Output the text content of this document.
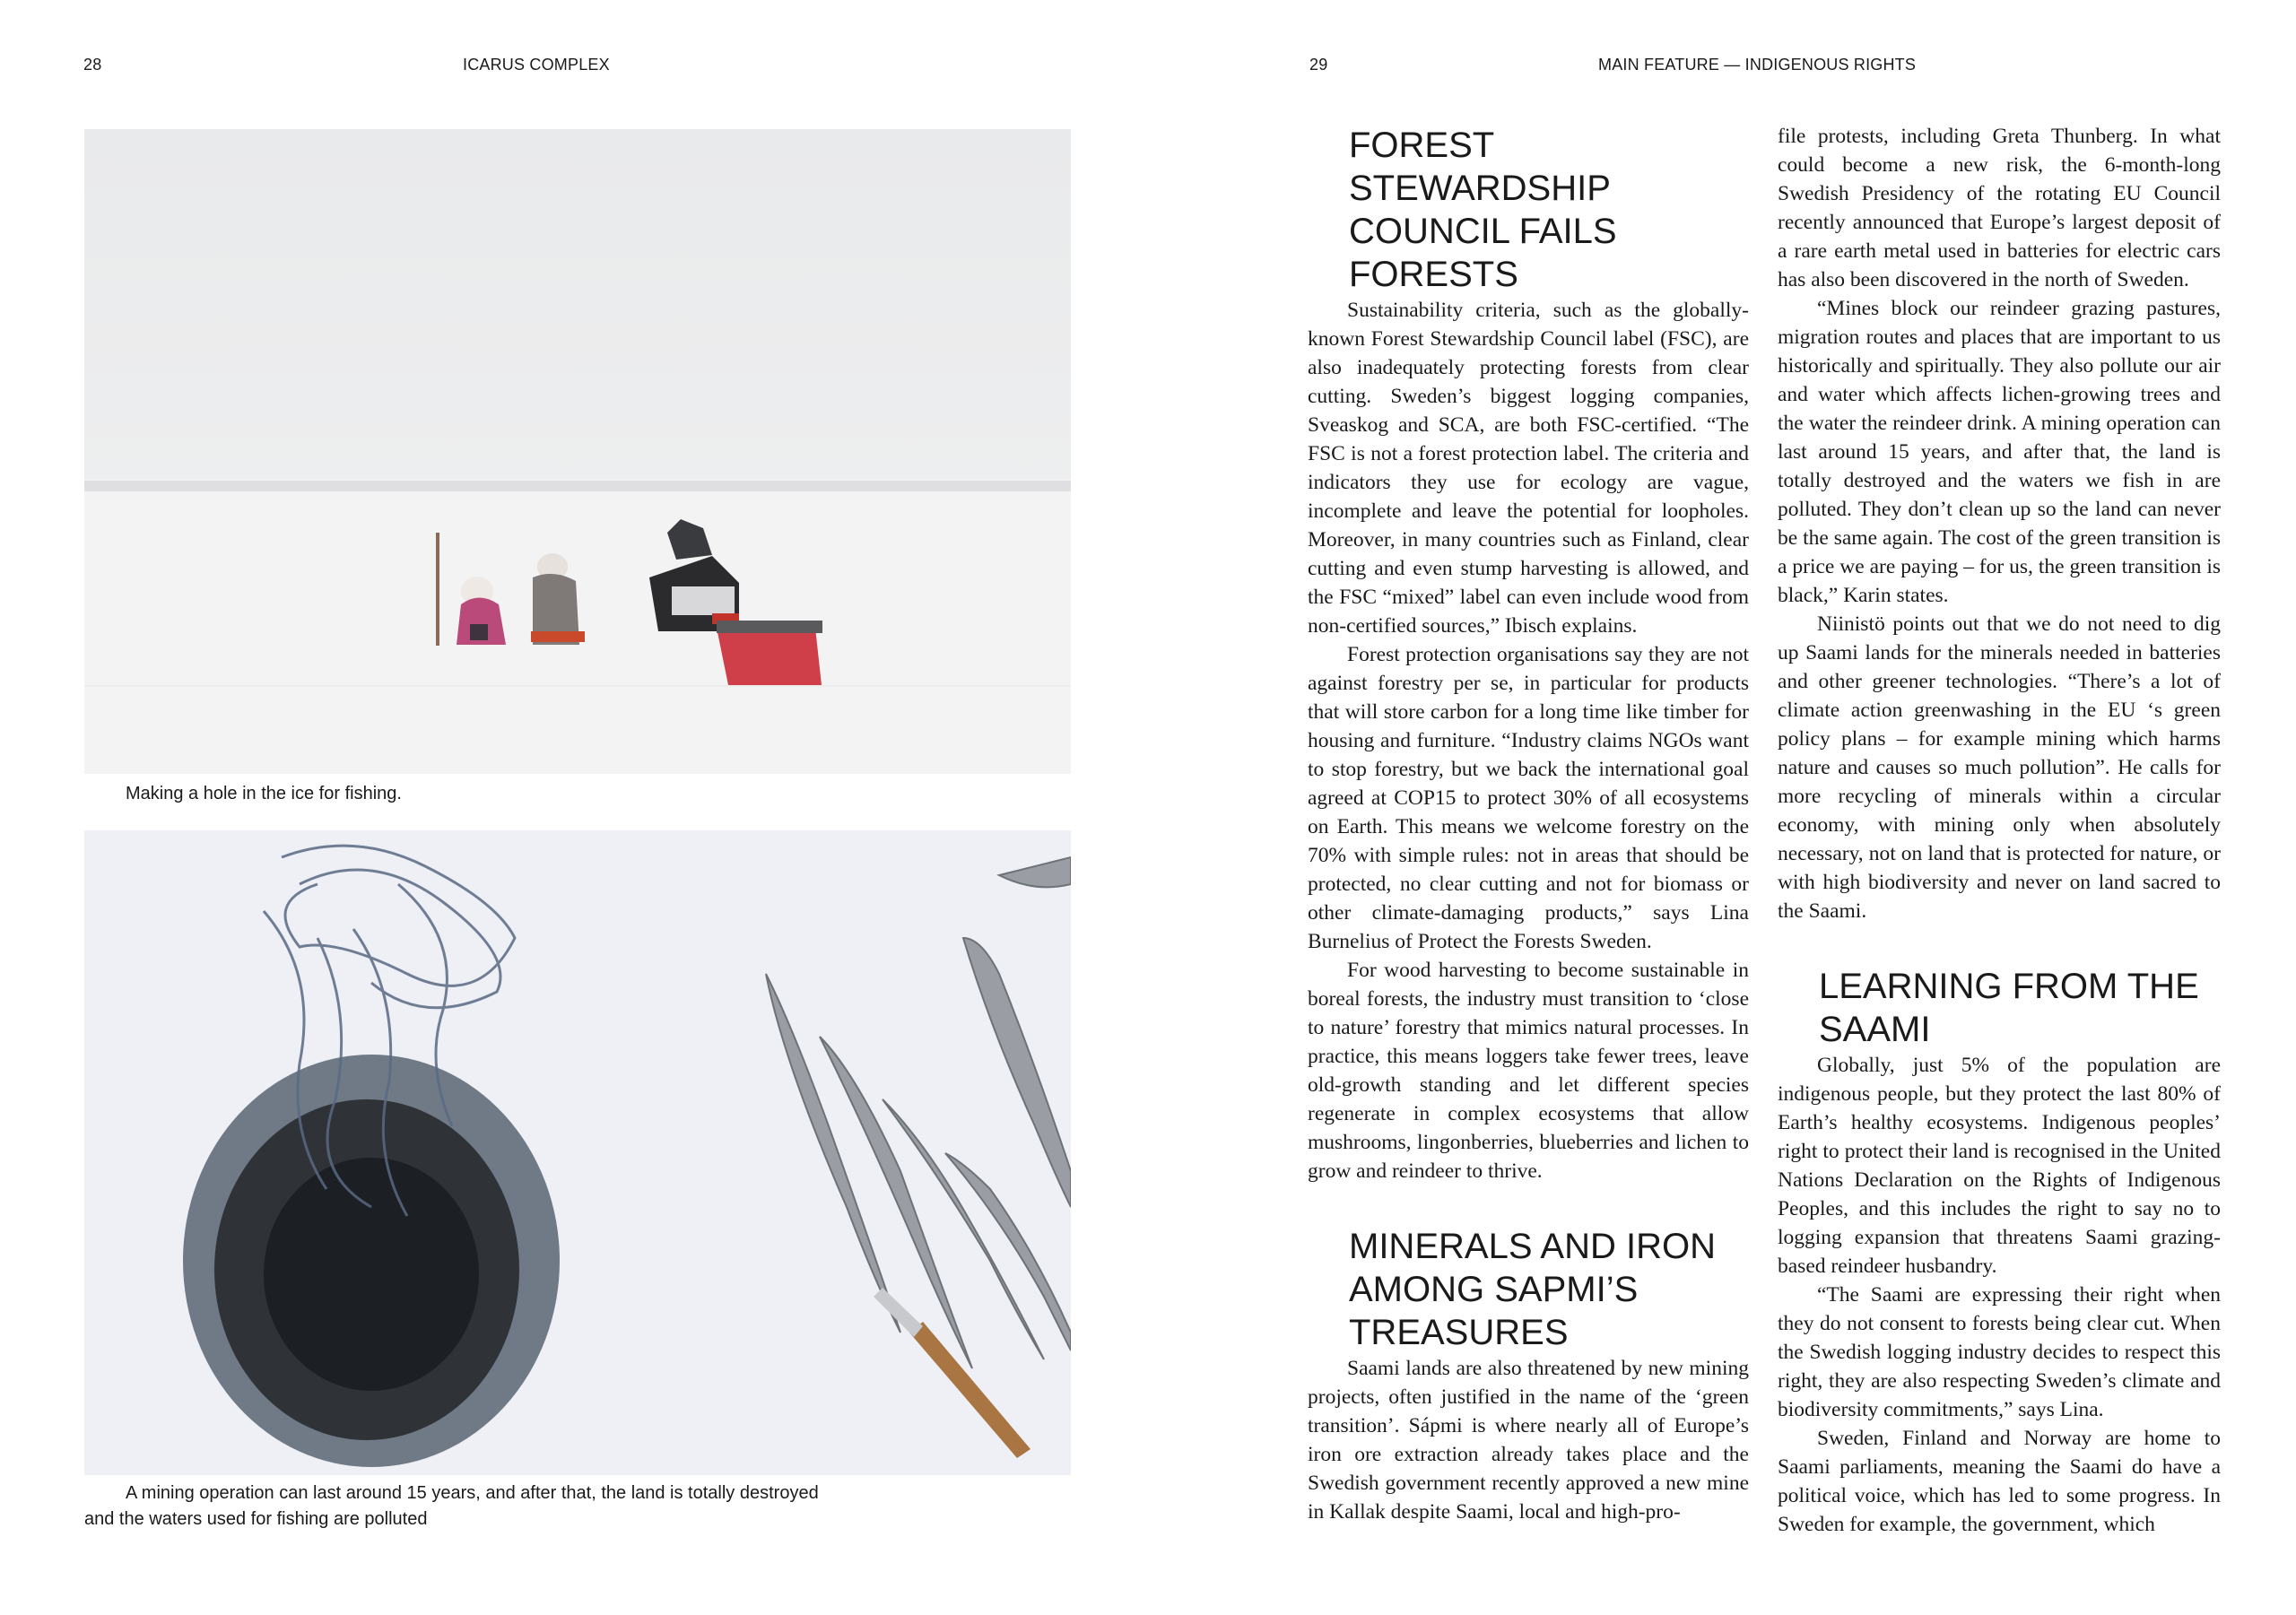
28	ICARUS COMPLEX
Making a hole in the ice for fishing.
A mining operation can last around 15 years, and after that, the land is totally destroyed
and the waters used for fishing are polluted
29	MAIN FEATURE — INDIGENOUS RIGHTS
FOREST STEWARDSHIP COUNCIL FAILS FORESTS

Sustainability criteria, such as the globally-known Forest Stewardship Council label (FSC), are also inadequately protecting forests from clear cutting. Sweden’s biggest logging companies, Sveaskog and SCA, are both FSC-certified. “The FSC is not a forest protection label. The criteria and indicators they use for ecology are vague, incomplete and leave the potential for loopholes. Moreover, in many countries such as Finland, clear cutting and even stump harvesting is allowed, and the FSC “mixed” label can even include wood from non-certified sources,” Ibisch explains.

Forest protection organisations say they are not against forestry per se, in particular for products that will store carbon for a long time like timber for housing and furniture. “Industry claims NGOs want to stop forestry, but we back the international goal agreed at COP15 to protect 30% of all ecosystems on Earth. This means we welcome forestry on the 70% with simple rules: not in areas that should be protected, no clear cutting and not for biomass or other climate-damaging products,” says Lina Burnelius of Protect the Forests Sweden.

For wood harvesting to become sustainable in boreal forests, the industry must transition to ‘close to nature’ forestry that mimics natural processes. In practice, this means loggers take fewer trees, leave old-growth standing and let different species regenerate in complex ecosystems that allow mushrooms, lingonberries, blueberries and lichen to grow and reindeer to thrive.

MINERALS AND IRON AMONG SAPMI’S TREASURES

Saami lands are also threatened by new mining projects, often justified in the name of the ‘green transition’. Sápmi is where nearly all of Europe’s iron ore extraction already takes place and the Swedish government recently approved a new mine in Kallak despite Saami, local and high-pro-

file protests, including Greta Thunberg. In what could become a new risk, the 6-month-long Swedish Presidency of the rotating EU Council recently announced that Europe’s largest deposit of a rare earth metal used in batteries for electric cars has also been discovered in the north of Sweden.

“Mines block our reindeer grazing pastures, migration routes and places that are important to us historically and spiritually. They also pollute our air and water which affects lichen-growing trees and the water the reindeer drink. A mining operation can last around 15 years, and after that, the land is totally destroyed and the waters we fish in are polluted. They don’t clean up so the land can never be the same again. The cost of the green transition is a price we are paying – for us, the green transition is black,” Karin states.

Niinistö points out that we do not need to dig up Saami lands for the minerals needed in batteries and other greener technologies. “There’s a lot of climate action greenwashing in the EU ‘s green policy plans – for example mining which harms nature and causes so much pollution”. He calls for more recycling of minerals within a circular economy, with mining only when absolutely necessary, not on land that is protected for nature, or with high biodiversity and never on land sacred to the Saami.

LEARNING FROM THE SAAMI

Globally, just 5% of the population are indigenous people, but they protect the last 80% of Earth’s healthy ecosystems. Indigenous peoples’ right to protect their land is recognised in the United Nations Declaration on the Rights of Indigenous Peoples, and this includes the right to say no to logging expansion that threatens Saami grazing-based reindeer husbandry.

“The Saami are expressing their right when they do not consent to forests being clear cut. When the Swedish logging industry decides to respect this right, they are also respecting Sweden’s climate and biodiversity commitments,” says Lina.

Sweden, Finland and Norway are home to Saami parliaments, meaning the Saami do have a political voice, which has led to some progress. In Sweden for example, the government, which
